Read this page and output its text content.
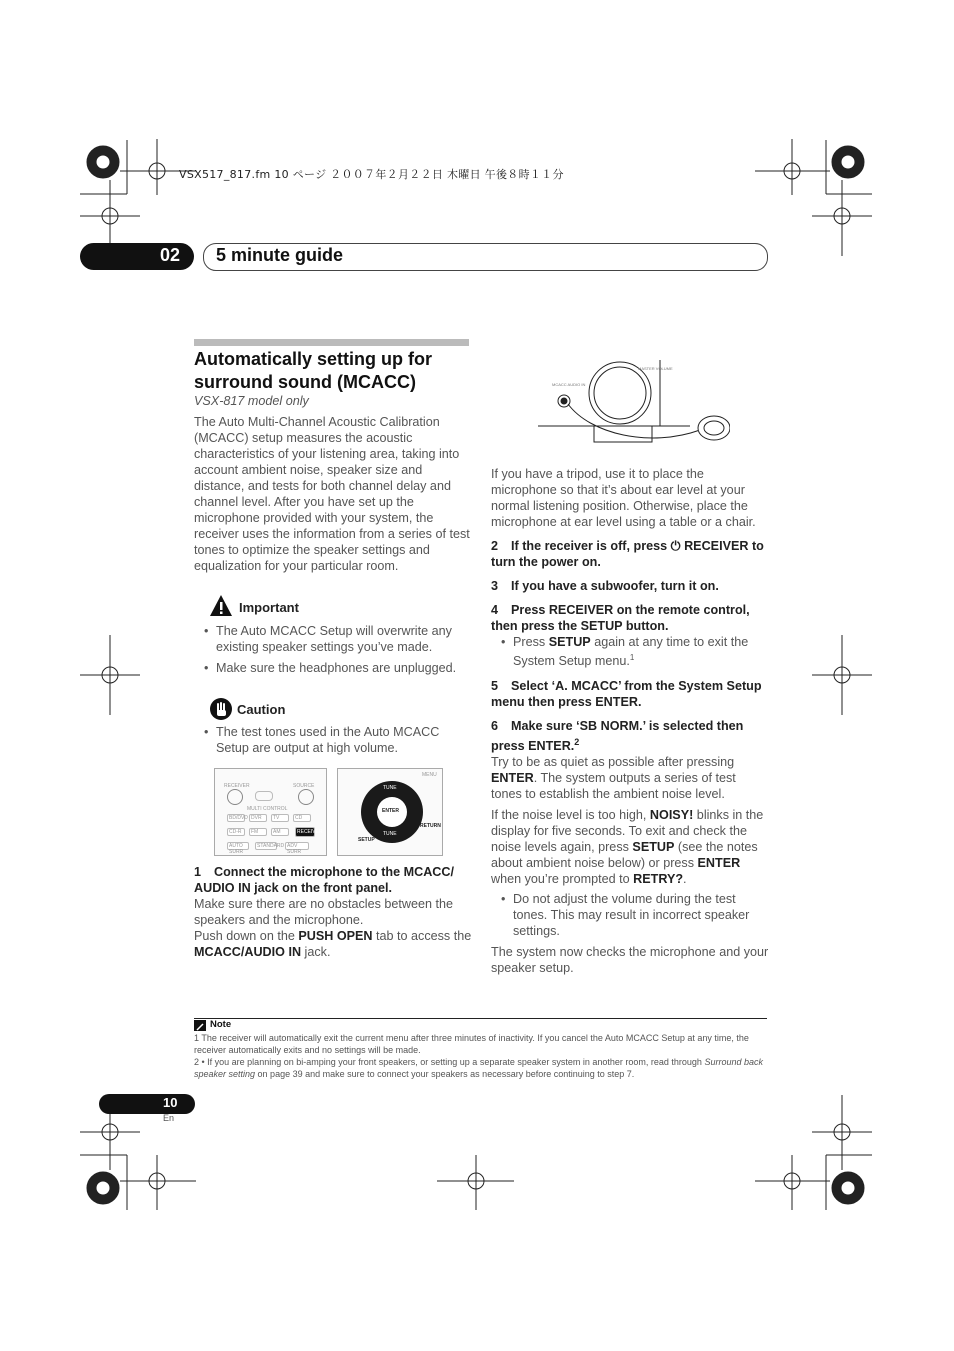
VSX517_817.fm 10 ページ ２００７年２月２２日 木曜日 午後８時１１分
02 5 minute guide
Automatically setting up for surround sound (MCACC)
VSX-817 model only
The Auto Multi-Channel Acoustic Calibration (MCACC) setup measures the acoustic characteristics of your listening area, taking into account ambient noise, speaker size and distance, and tests for both channel delay and channel level. After you have set up the microphone provided with your system, the receiver uses the information from a series of test tones to optimize the speaker settings and equalization for your particular room.
Important
• The Auto MCACC Setup will overwrite any existing speaker settings you’ve made.
• Make sure the headphones are unplugged.
Caution
• The test tones used in the Auto MCACC Setup are output at high volume.
RECEIVER	SOURCE
MULTI CONTROL
BD/DVD DVR TV	CD
CD-R FM	AM	RECEIVER
AUTO SURR
STANDARD ADV SURR
ENTER
TUNE
TUNE
SETUP
RETURN
MENU
1 Connect the microphone to the MCACC/ AUDIO IN jack on the front panel.
Make sure there are no obstacles between the speakers and the microphone.
Push down on the PUSH OPEN tab to access the MCACC/AUDIO IN jack.
MCACC AUDIO IN
MASTER VOLUME
If you have a tripod, use it to place the microphone so that it’s about ear level at your normal listening position. Otherwise, place the microphone at ear level using a table or a chair.
2 If the receiver is off, press ⏻ RECEIVER to turn the power on.
3 If you have a subwoofer, turn it on.
4 Press RECEIVER on the remote control, then press the SETUP button.
• Press SETUP again at any time to exit the System Setup menu.$^1$
5 Select ‘A. MCACC’ from the System Setup menu then press ENTER.
6 Make sure ‘SB NORM.’ is selected then press ENTER.$^2$
Try to be as quiet as possible after pressing ENTER. The system outputs a series of test tones to establish the ambient noise level.
If the noise level is too high, NOISY! blinks in the display for five seconds. To exit and check the noise levels again, press SETUP (see the notes about ambient noise below) or press ENTER when you’re prompted to RETRY?.
• Do not adjust the volume during the test tones. This may result in incorrect speaker settings.
The system now checks the microphone and your speaker setup.
Note
1 The receiver will automatically exit the current menu after three minutes of inactivity. If you cancel the Auto MCACC Setup at any time, the receiver automatically exits and no settings will be made.
2 • If you are planning on bi-amping your front speakers, or setting up a separate speaker system in another room, read through Surround back speaker setting on page 39 and make sure to connect your speakers as necessary before continuing to step 7.
10
En
